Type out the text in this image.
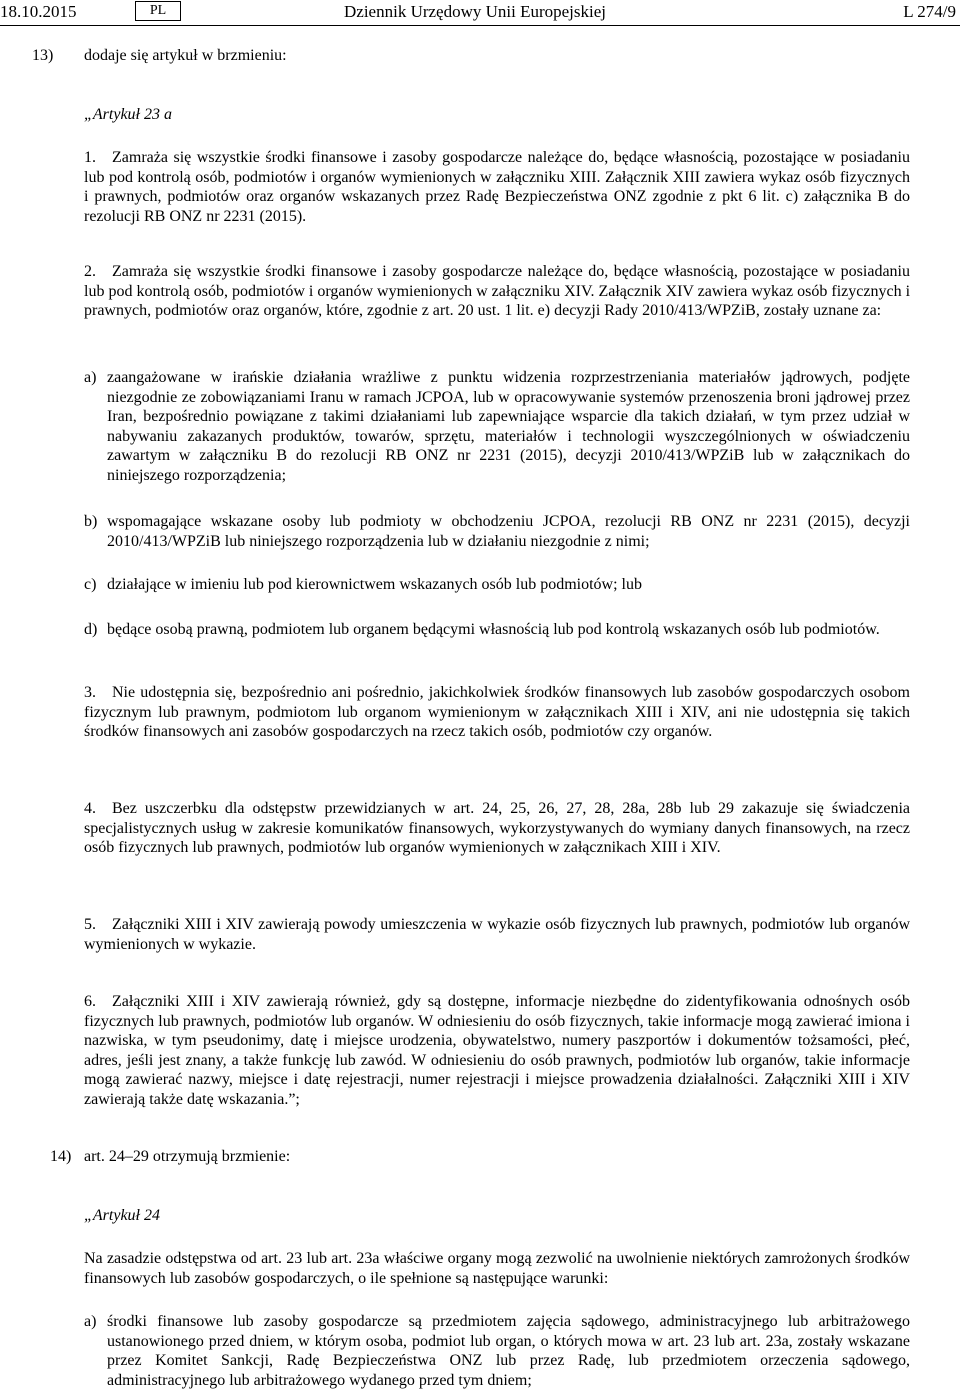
18.10.2015	PL	Dziennik Urzędowy Unii Europejskiej	L 274/9
13) dodaje się artykuł w brzmieniu:
„Artykuł 23 a
1. Zamraża się wszystkie środki finansowe i zasoby gospodarcze należące do, będące własnością, pozostające w posiadaniu lub pod kontrolą osób, podmiotów i organów wymienionych w załączniku XIII. Załącznik XIII zawiera wykaz osób fizycznych i prawnych, podmiotów oraz organów wskazanych przez Radę Bezpieczeństwa ONZ zgodnie z pkt 6 lit. c) załącznika B do rezolucji RB ONZ nr 2231 (2015).
2. Zamraża się wszystkie środki finansowe i zasoby gospodarcze należące do, będące własnością, pozostające w posiadaniu lub pod kontrolą osób, podmiotów i organów wymienionych w załączniku XIV. Załącznik XIV zawiera wykaz osób fizycznych i prawnych, podmiotów oraz organów, które, zgodnie z art. 20 ust. 1 lit. e) decyzji Rady 2010/413/WPZiB, zostały uznane za:
a) zaangażowane w irańskie działania wrażliwe z punktu widzenia rozprzestrzeniania materiałów jądrowych, podjęte niezgodnie ze zobowiązaniami Iranu w ramach JCPOA, lub w opracowywanie systemów przenoszenia broni jądrowej przez Iran, bezpośrednio powiązane z takimi działaniami lub zapewniające wsparcie dla takich działań, w tym przez udział w nabywaniu zakazanych produktów, towarów, sprzętu, materiałów i technologii wyszczególnionych w oświadczeniu zawartym w załączniku B do rezolucji RB ONZ nr 2231 (2015), decyzji 2010/413/WPZiB lub w załącznikach do niniejszego rozporządzenia;
b) wspomagające wskazane osoby lub podmioty w obchodzeniu JCPOA, rezolucji RB ONZ nr 2231 (2015), decyzji 2010/413/WPZiB lub niniejszego rozporządzenia lub w działaniu niezgodnie z nimi;
c) działające w imieniu lub pod kierownictwem wskazanych osób lub podmiotów; lub
d) będące osobą prawną, podmiotem lub organem będącymi własnością lub pod kontrolą wskazanych osób lub podmiotów.
3. Nie udostępnia się, bezpośrednio ani pośrednio, jakichkolwiek środków finansowych lub zasobów gospodarczych osobom fizycznym lub prawnym, podmiotom lub organom wymienionym w załącznikach XIII i XIV, ani nie udostępnia się takich środków finansowych ani zasobów gospodarczych na rzecz takich osób, podmiotów czy organów.
4. Bez uszczerbku dla odstępstw przewidzianych w art. 24, 25, 26, 27, 28, 28a, 28b lub 29 zakazuje się świadczenia specjalistycznych usług w zakresie komunikatów finansowych, wykorzystywanych do wymiany danych finansowych, na rzecz osób fizycznych lub prawnych, podmiotów lub organów wymienionych w załącznikach XIII i XIV.
5. Załączniki XIII i XIV zawierają powody umieszczenia w wykazie osób fizycznych lub prawnych, podmiotów lub organów wymienionych w wykazie.
6. Załączniki XIII i XIV zawierają również, gdy są dostępne, informacje niezbędne do zidentyfikowania odnośnych osób fizycznych lub prawnych, podmiotów lub organów. W odniesieniu do osób fizycznych, takie informacje mogą zawierać imiona i nazwiska, w tym pseudonimy, datę i miejsce urodzenia, obywatelstwo, numery paszportów i dokumentów tożsamości, płeć, adres, jeśli jest znany, a także funkcję lub zawód. W odniesieniu do osób prawnych, podmiotów lub organów, takie informacje mogą zawierać nazwy, miejsce i datę rejestracji, numer rejestracji i miejsce prowadzenia działalności. Załączniki XIII i XIV zawierają także datę wskazania.”;
14) art. 24–29 otrzymują brzmienie:
„Artykuł 24
Na zasadzie odstępstwa od art. 23 lub art. 23a właściwe organy mogą zezwolić na uwolnienie niektórych zamrożonych środków finansowych lub zasobów gospodarczych, o ile spełnione są następujące warunki:
a) środki finansowe lub zasoby gospodarcze są przedmiotem zajęcia sądowego, administracyjnego lub arbitrażowego ustanowionego przed dniem, w którym osoba, podmiot lub organ, o których mowa w art. 23 lub art. 23a, zostały wskazane przez Komitet Sankcji, Radę Bezpieczeństwa ONZ lub przez Radę, lub przedmiotem orzeczenia sądowego, administracyjnego lub arbitrażowego wydanego przed tym dniem;
